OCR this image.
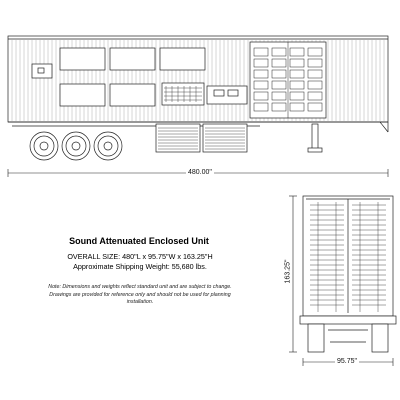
480.00"
163.25"
95.75"
Sound Attenuated Enclosed Unit
OVERALL SIZE: 480"L x 95.75"W x 163.25"H
Approximate Shipping Weight: 55,680 lbs.
Note: Dimensions and weights reflect standard unit and are subject to change. Drawings are provided for reference only and should not be used for planning installation.
